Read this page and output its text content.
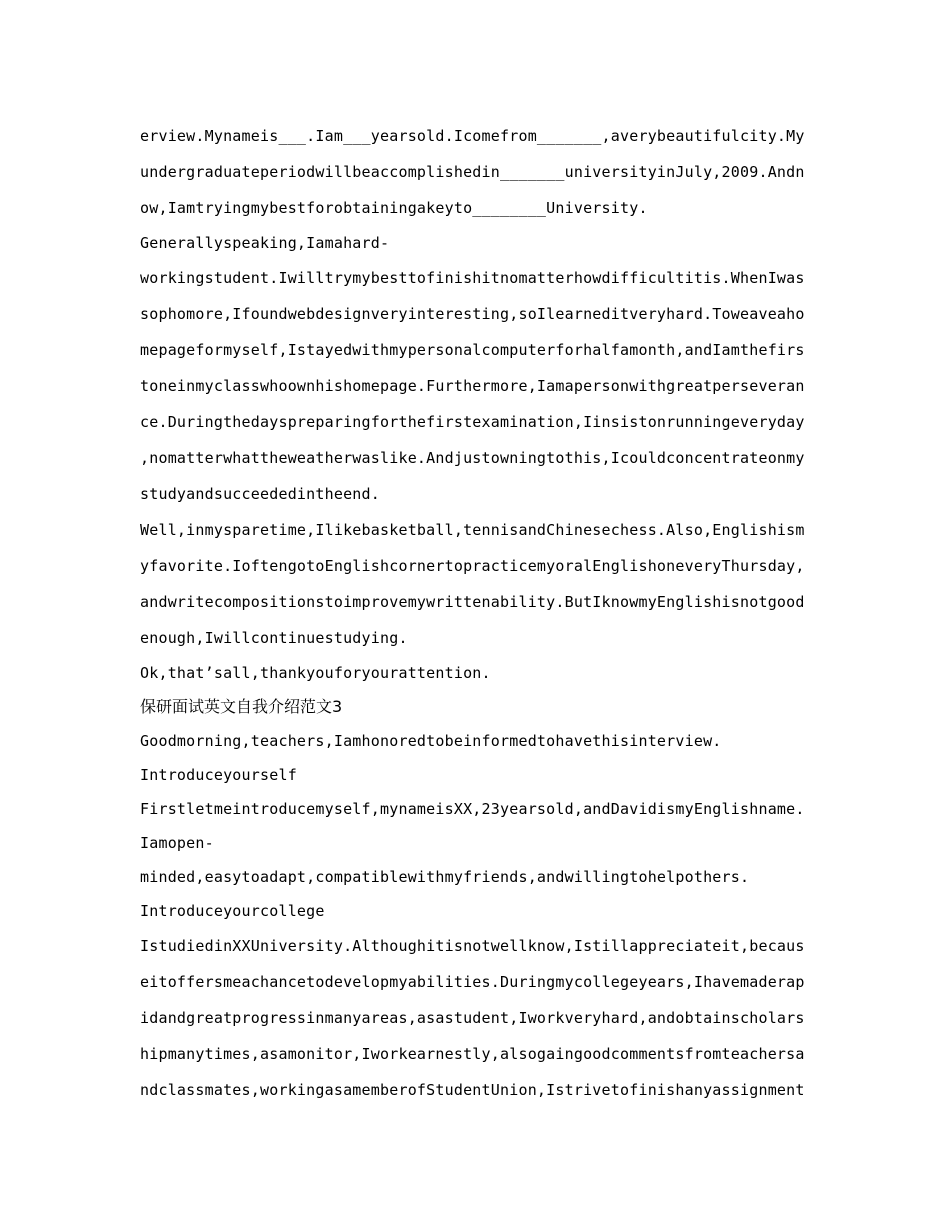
erview.Mynameis___.Iam___yearsold.Icomefrom_______,averybeautifulcity.My
undergraduateperiodwillbeaccomplishedin_______universityinJuly,2009.Andn
ow,Iamtryingmybestforobtainingakeyto________University.
Generallyspeaking,Iamahard-
workingstudent.Iwilltrymybesttofinishitnomatterhowdifficultitis.WhenIwas
sophomore,Ifoundwebdesignveryinteresting,soIlearneditveryhard.Toweaveaho
mepageformyself,Istayedwithmypersonalcomputerforhalfamonth,andIamthefirs
toneinmyclasswhoownhishomepage.Furthermore,Iamapersonwithgreatperseveran
ce.Duringthedayspreparingforthefirstexamination,Iinsistonrunningeveryday
,nomatterwhattheweatherwaslike.Andjustowningtothis,Icouldconcentrateonmy
studyandsucceededintheend.
Well,inmysparetime,Ilikebasketball,tennisandChinesechess.Also,Englishism
yfavorite.IoftengotoEnglishcornertopracticemyoralEnglishoneveryThursday,
andwritecompositionstoimprovemywrittenability.ButIknowmyEnglishisnotgood
enough,Iwillcontinuestudying.
Ok,that’sall,thankyouforyourattention.
保研面试英文自我介绍范文3
Goodmorning,teachers,Iamhonoredtobeinformedtohavethisinterview.
Introduceyourself
Firstletmeintroducemyself,mynameisXX,23yearsold,andDavidismyEnglishname.
Iamopen-
minded,easytoadapt,compatiblewithmyfriends,andwillingtohelpothers.
Introduceyourcollege
IstudiedinXXUniversity.Althoughitisnotwellknow,Istillappreciateit,becaus
eitoffersmeachancetodevelopmyabilities.Duringmycollegeyears,Ihavemaderap
idandgreatprogressinmanyareas,asastudent,Iworkveryhard,andobtainscholars
hipmanytimes,asamonitor,Iworkearnestly,alsogaingoodcommentsfromteachersa
ndclassmates,workingasamemberofStudentUnion,Istrivetofinishanyassignment
